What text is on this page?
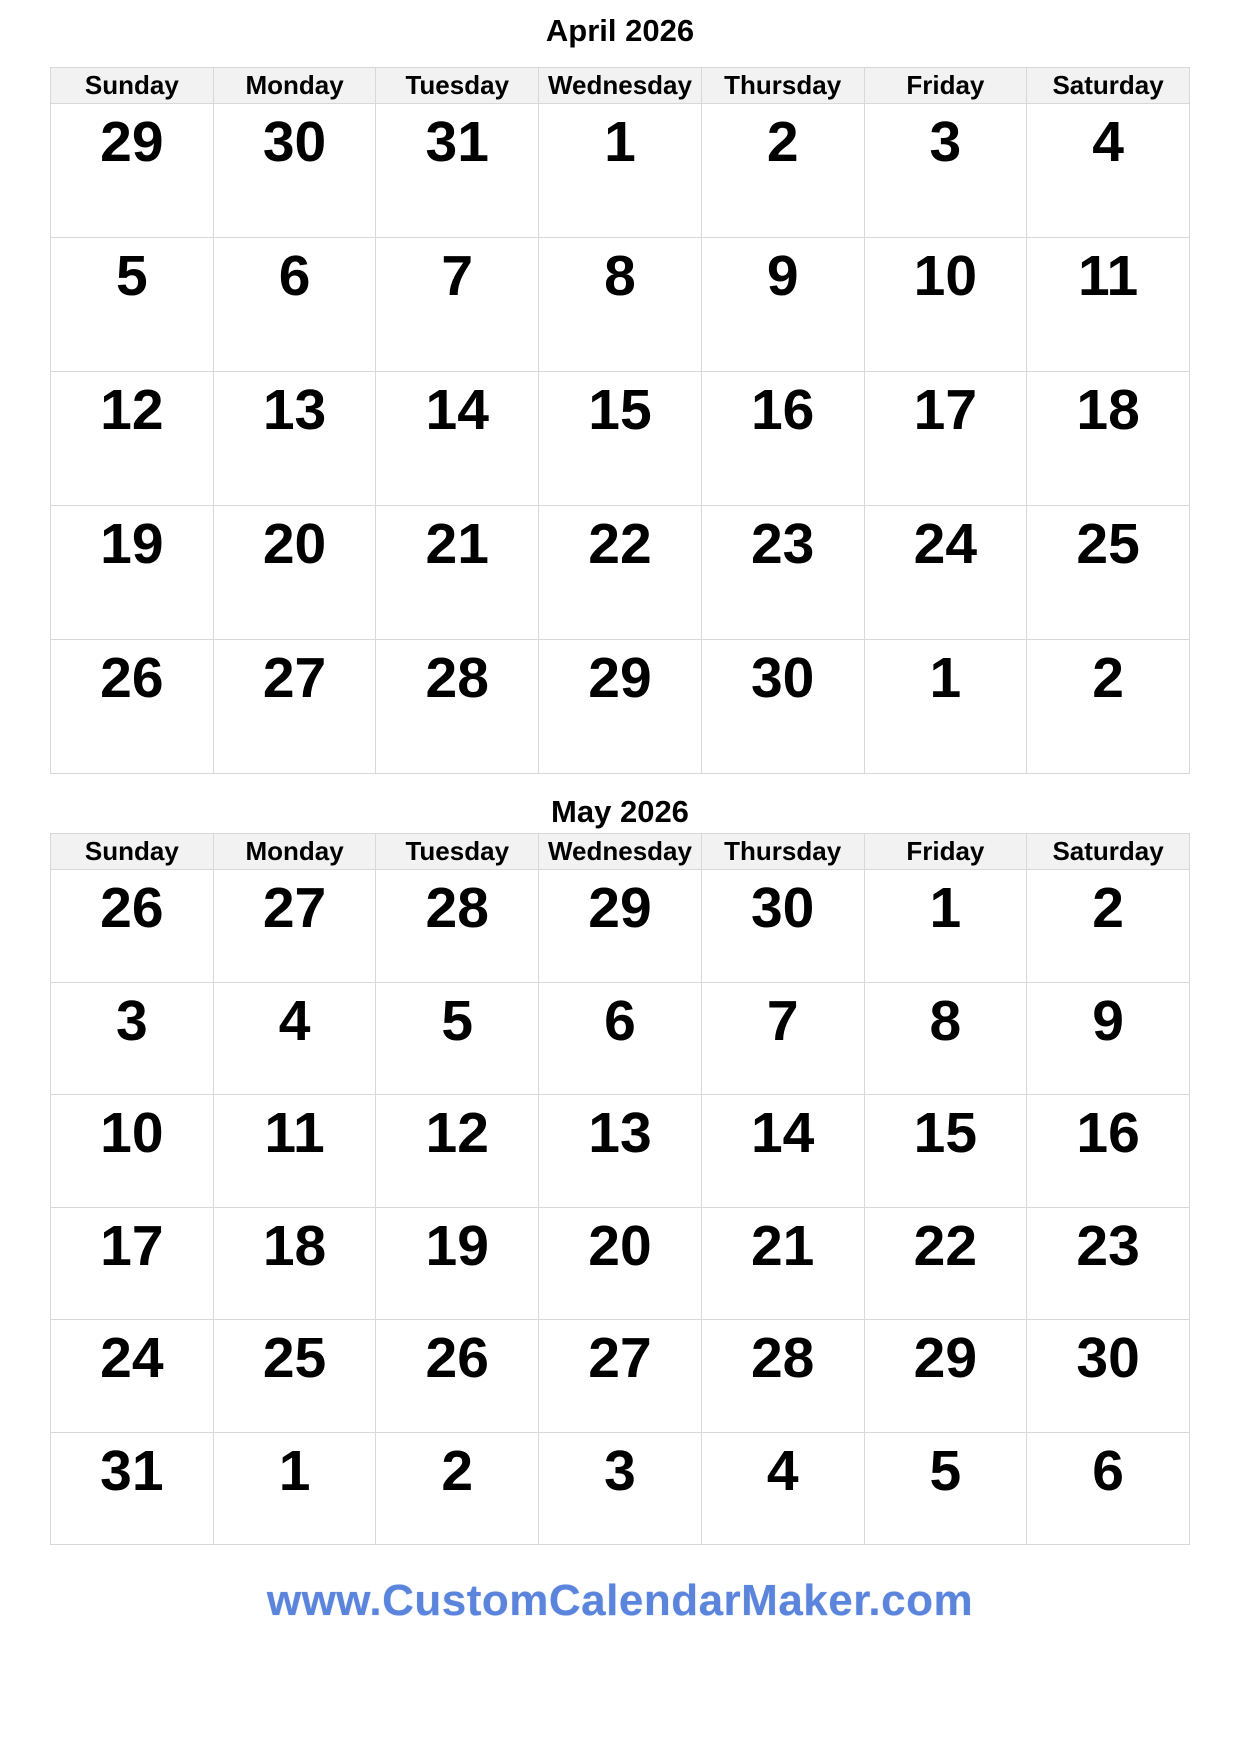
April 2026
Sunday	Monday	Tuesday	Wednesday	Thursday	Friday	Saturday
29	30	31	1	2	3	4
5	6	7	8	9	10	11
12	13	14	15	16	17	18
19	20	21	22	23	24	25
26	27	28	29	30	1	2
May 2026
Sunday	Monday	Tuesday	Wednesday	Thursday	Friday	Saturday
26	27	28	29	30	1	2
3	4	5	6	7	8	9
10	11	12	13	14	15	16
17	18	19	20	21	22	23
24	25	26	27	28	29	30
31	1	2	3	4	5	6
www.CustomCalendarMaker.com
